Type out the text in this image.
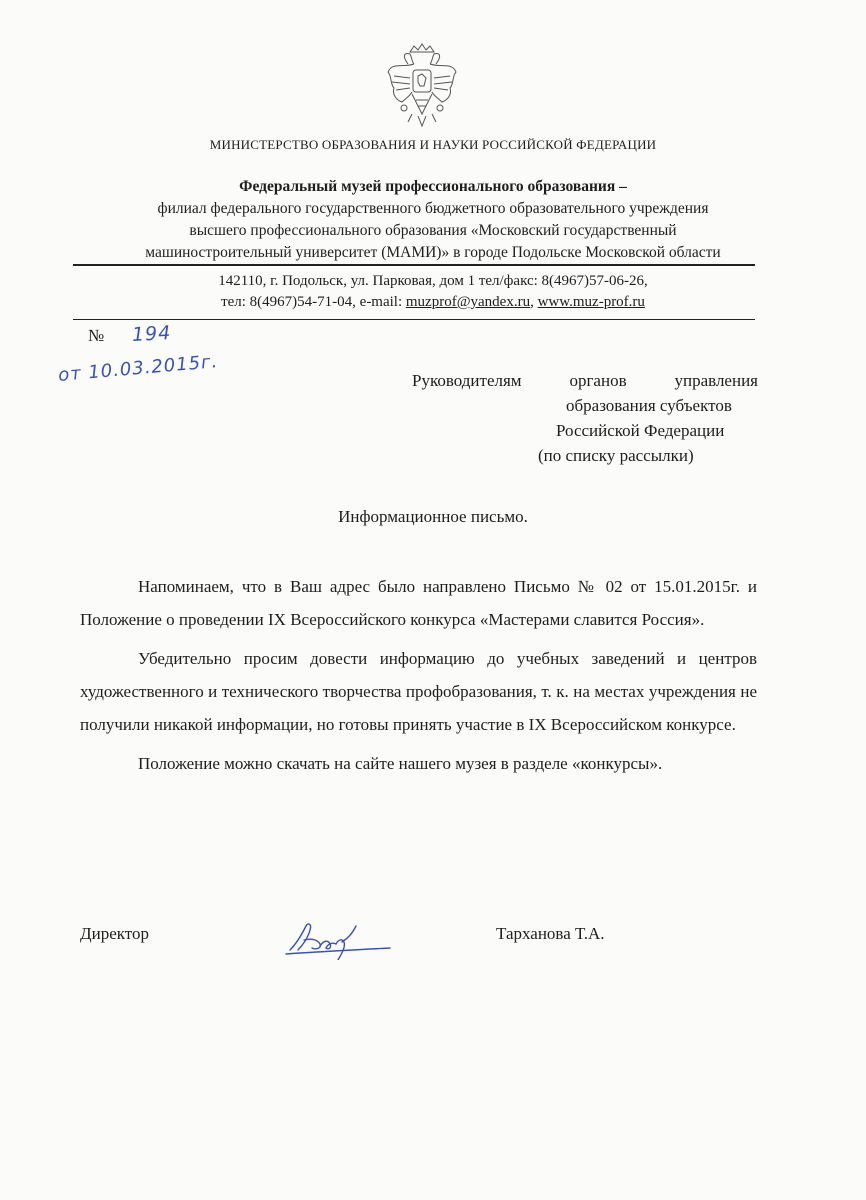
МИНИСТЕРСТВО ОБРАЗОВАНИЯ И НАУКИ РОССИЙСКОЙ ФЕДЕРАЦИИ
Федеральный музей профессионального образования –
филиал федерального государственного бюджетного образовательного учреждения
высшего профессионального образования «Московский государственный
машиностроительный университет (МАМИ)» в городе Подольске Московской области
142110, г. Подольск, ул. Парковая, дом 1 тел/факс: 8(4967)57-06-26,
тел: 8(4967)54-71-04, e-mail: muzprof@yandex.ru, www.muz-prof.ru
№ 194
от 10.03.2015г.	Руководителям	органов	управления
образования субъектов
Российской Федерации
(по списку рассылки)
Информационное письмо.

Напоминаем, что в Ваш адрес было направлено Письмо № 02 от 15.01.2015г. и Положение о проведении IX Всероссийского конкурса «Мастерами славится Россия».

Убедительно просим довести информацию до учебных заведений и центров художественного и технического творчества профобразования, т. к. на местах учреждения не получили никакой информации, но готовы принять участие в IX Всероссийском конкурсе.

Положение можно скачать на сайте нашего музея в разделе «конкурсы».

Директор	Тарханова Т.А.
